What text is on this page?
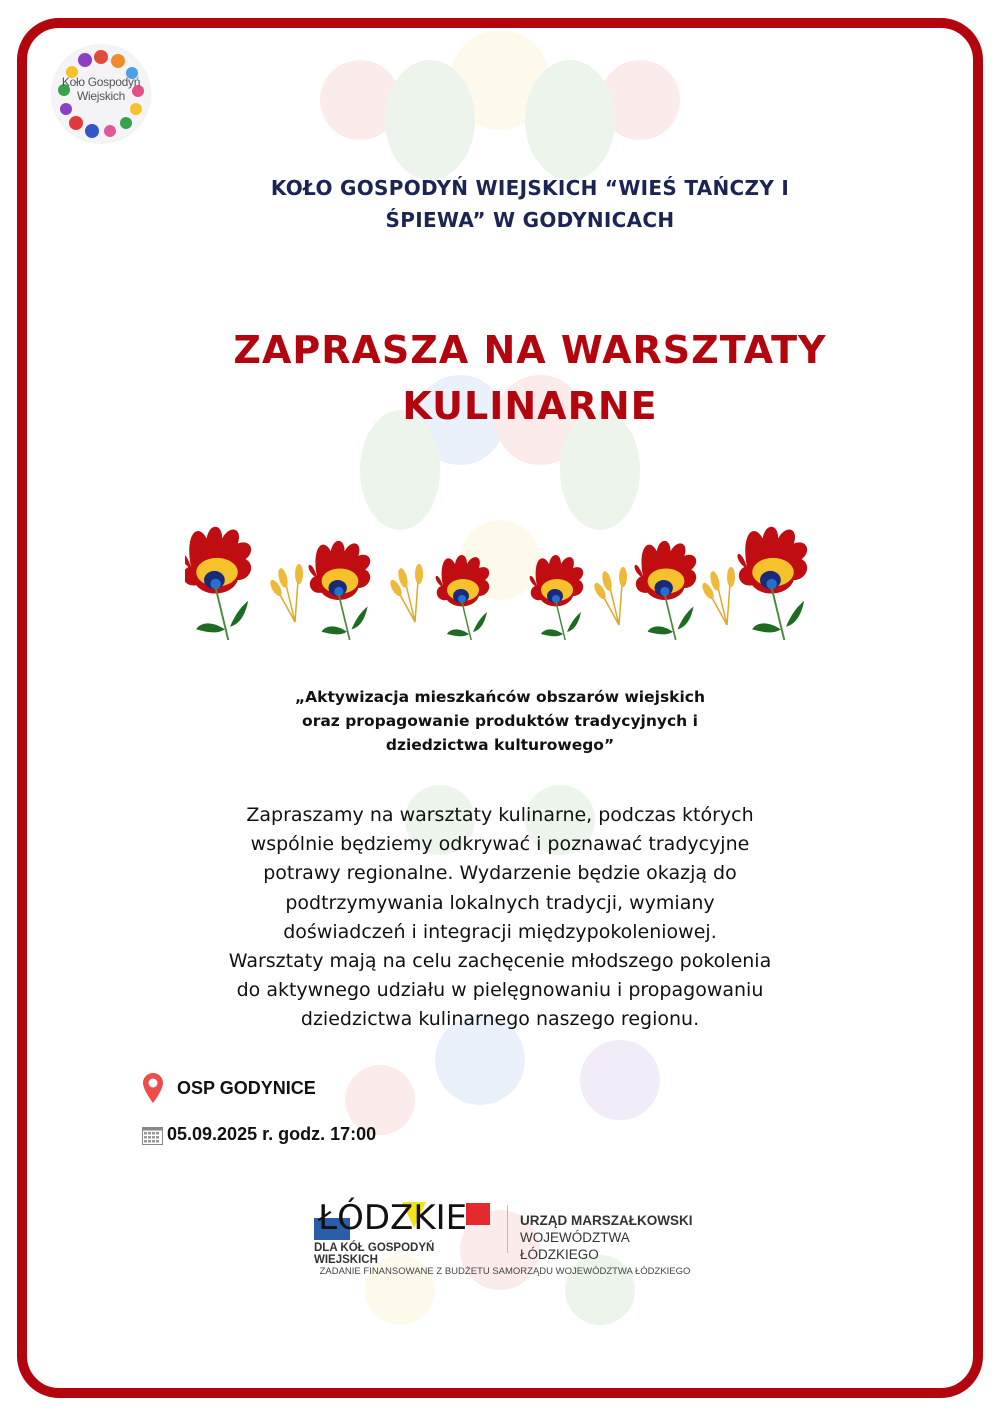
Koło Gospodyń
Wiejskich
KOŁO GOSPODYŃ WIEJSKICH “WIEŚ TAŃCZY I
ŚPIEWA” W GODYNICACH
ZAPRASZA NA WARSZTATY
KULINARNE
„Aktywizacja mieszkańców obszarów wiejskich
oraz propagowanie produktów tradycyjnych i
dziedzictwa kulturowego”
Zapraszamy na warsztaty kulinarne, podczas których
wspólnie będziemy odkrywać i poznawać tradycyjne
potrawy regionalne. Wydarzenie będzie okazją do
podtrzymywania lokalnych tradycji, wymiany
doświadczeń i integracji międzypokoleniowej.
Warsztaty mają na celu zachęcenie młodszego pokolenia
do aktywnego udziału w pielęgnowaniu i propagowaniu
dziedzictwa kulinarnego naszego regionu.
OSP GODYNICE
05.09.2025 r. godz. 17:00
ŁÓDZKIE
DLA KÓŁ GOSPODYŃ WIEJSKICH
URZĄD MARSZAŁKOWSKI
WOJEWÓDZTWA ŁÓDZKIEGO
ZADANIE FINANSOWANE Z BUDŻETU SAMORZĄDU WOJEWÓDZTWA ŁÓDZKIEGO
